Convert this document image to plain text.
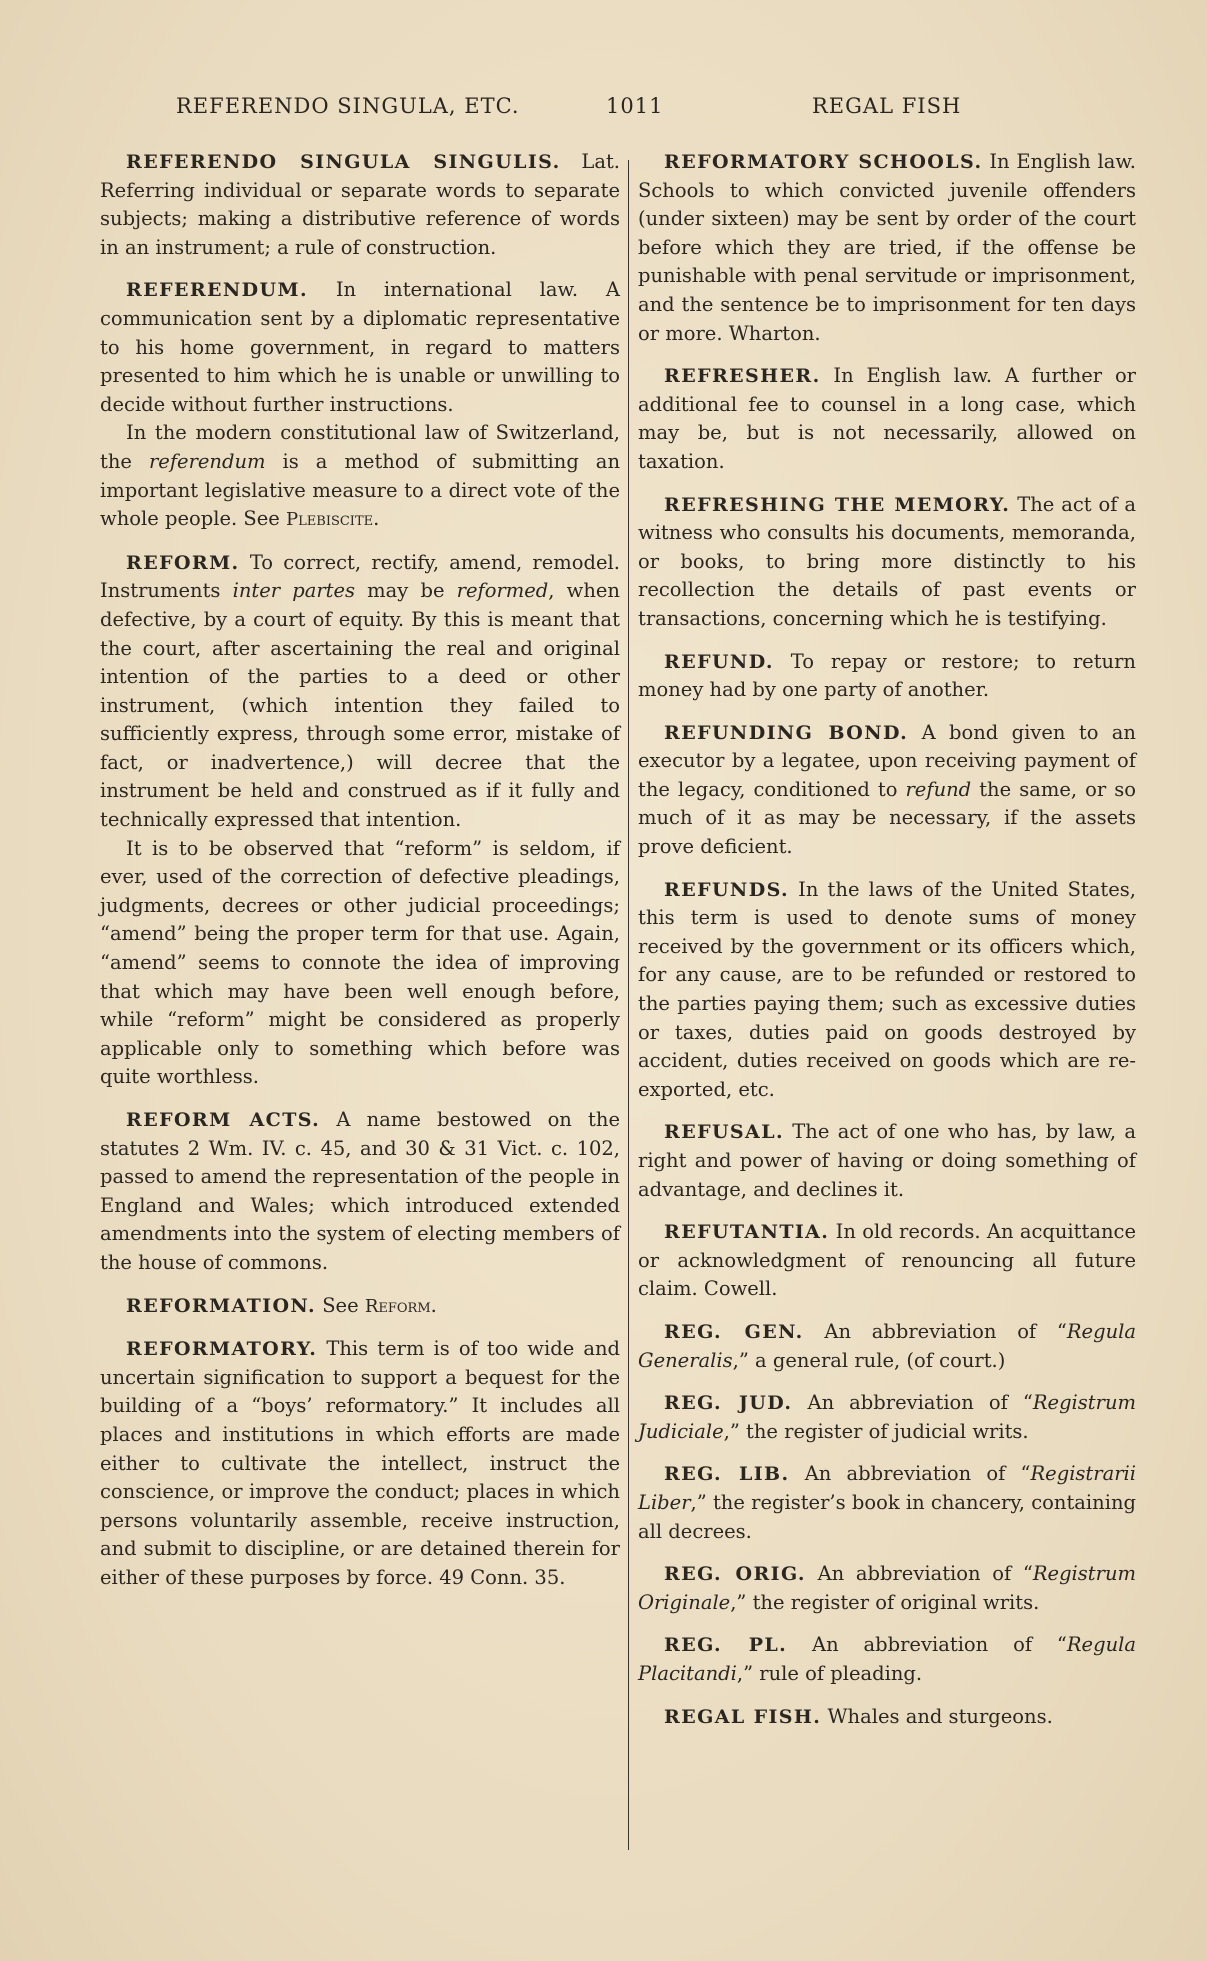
REFERENDO SINGULA, ETC.	1011	REGAL FISH

REFERENDO SINGULA SINGULIS. Lat. Referring individual or separate words to separate subjects; making a distributive reference of words in an instrument; a rule of construction.

REFERENDUM. In international law. A communication sent by a diplomatic representative to his home government, in regard to matters presented to him which he is unable or unwilling to decide without further instructions.

In the modern constitutional law of Switzerland, the referendum is a method of submitting an important legislative measure to a direct vote of the whole people. See Plebiscite.

REFORM. To correct, rectify, amend, remodel. Instruments inter partes may be reformed, when defective, by a court of equity. By this is meant that the court, after ascertaining the real and original intention of the parties to a deed or other instrument, (which intention they failed to sufficiently express, through some error, mistake of fact, or inadvertence,) will decree that the instrument be held and construed as if it fully and technically expressed that intention.

It is to be observed that “reform” is seldom, if ever, used of the correction of defective pleadings, judgments, decrees or other judicial proceedings; “amend” being the proper term for that use. Again, “amend” seems to connote the idea of improving that which may have been well enough before, while “reform” might be considered as properly applicable only to something which before was quite worthless.

REFORM ACTS. A name bestowed on the statutes 2 Wm. IV. c. 45, and 30 & 31 Vict. c. 102, passed to amend the representation of the people in England and Wales; which introduced extended amendments into the system of electing members of the house of commons.

REFORMATION. See Reform.

REFORMATORY. This term is of too wide and uncertain signification to support a bequest for the building of a “boys’ reformatory.” It includes all places and institutions in which efforts are made either to cultivate the intellect, instruct the conscience, or improve the conduct; places in which persons voluntarily assemble, receive instruction, and submit to discipline, or are detained therein for either of these purposes by force. 49 Conn. 35.

REFORMATORY SCHOOLS. In English law. Schools to which convicted juvenile offenders (under sixteen) may be sent by order of the court before which they are tried, if the offense be punishable with penal servitude or imprisonment, and the sentence be to imprisonment for ten days or more. Wharton.

REFRESHER. In English law. A further or additional fee to counsel in a long case, which may be, but is not necessarily, allowed on taxation.

REFRESHING THE MEMORY. The act of a witness who consults his documents, memoranda, or books, to bring more distinctly to his recollection the details of past events or transactions, concerning which he is testifying.

REFUND. To repay or restore; to return money had by one party of another.

REFUNDING BOND. A bond given to an executor by a legatee, upon receiving payment of the legacy, conditioned to refund the same, or so much of it as may be necessary, if the assets prove deficient.

REFUNDS. In the laws of the United States, this term is used to denote sums of money received by the government or its officers which, for any cause, are to be refunded or restored to the parties paying them; such as excessive duties or taxes, duties paid on goods destroyed by accident, duties received on goods which are re-exported, etc.

REFUSAL. The act of one who has, by law, a right and power of having or doing something of advantage, and declines it.

REFUTANTIA. In old records. An acquittance or acknowledgment of renouncing all future claim. Cowell.

REG. GEN. An abbreviation of “Regula Generalis,” a general rule, (of court.)

REG. JUD. An abbreviation of “Registrum Judiciale,” the register of judicial writs.

REG. LIB. An abbreviation of “Registrarii Liber,” the register’s book in chancery, containing all decrees.

REG. ORIG. An abbreviation of “Registrum Originale,” the register of original writs.

REG. PL. An abbreviation of “Regula Placitandi,” rule of pleading.

REGAL FISH. Whales and sturgeons.
